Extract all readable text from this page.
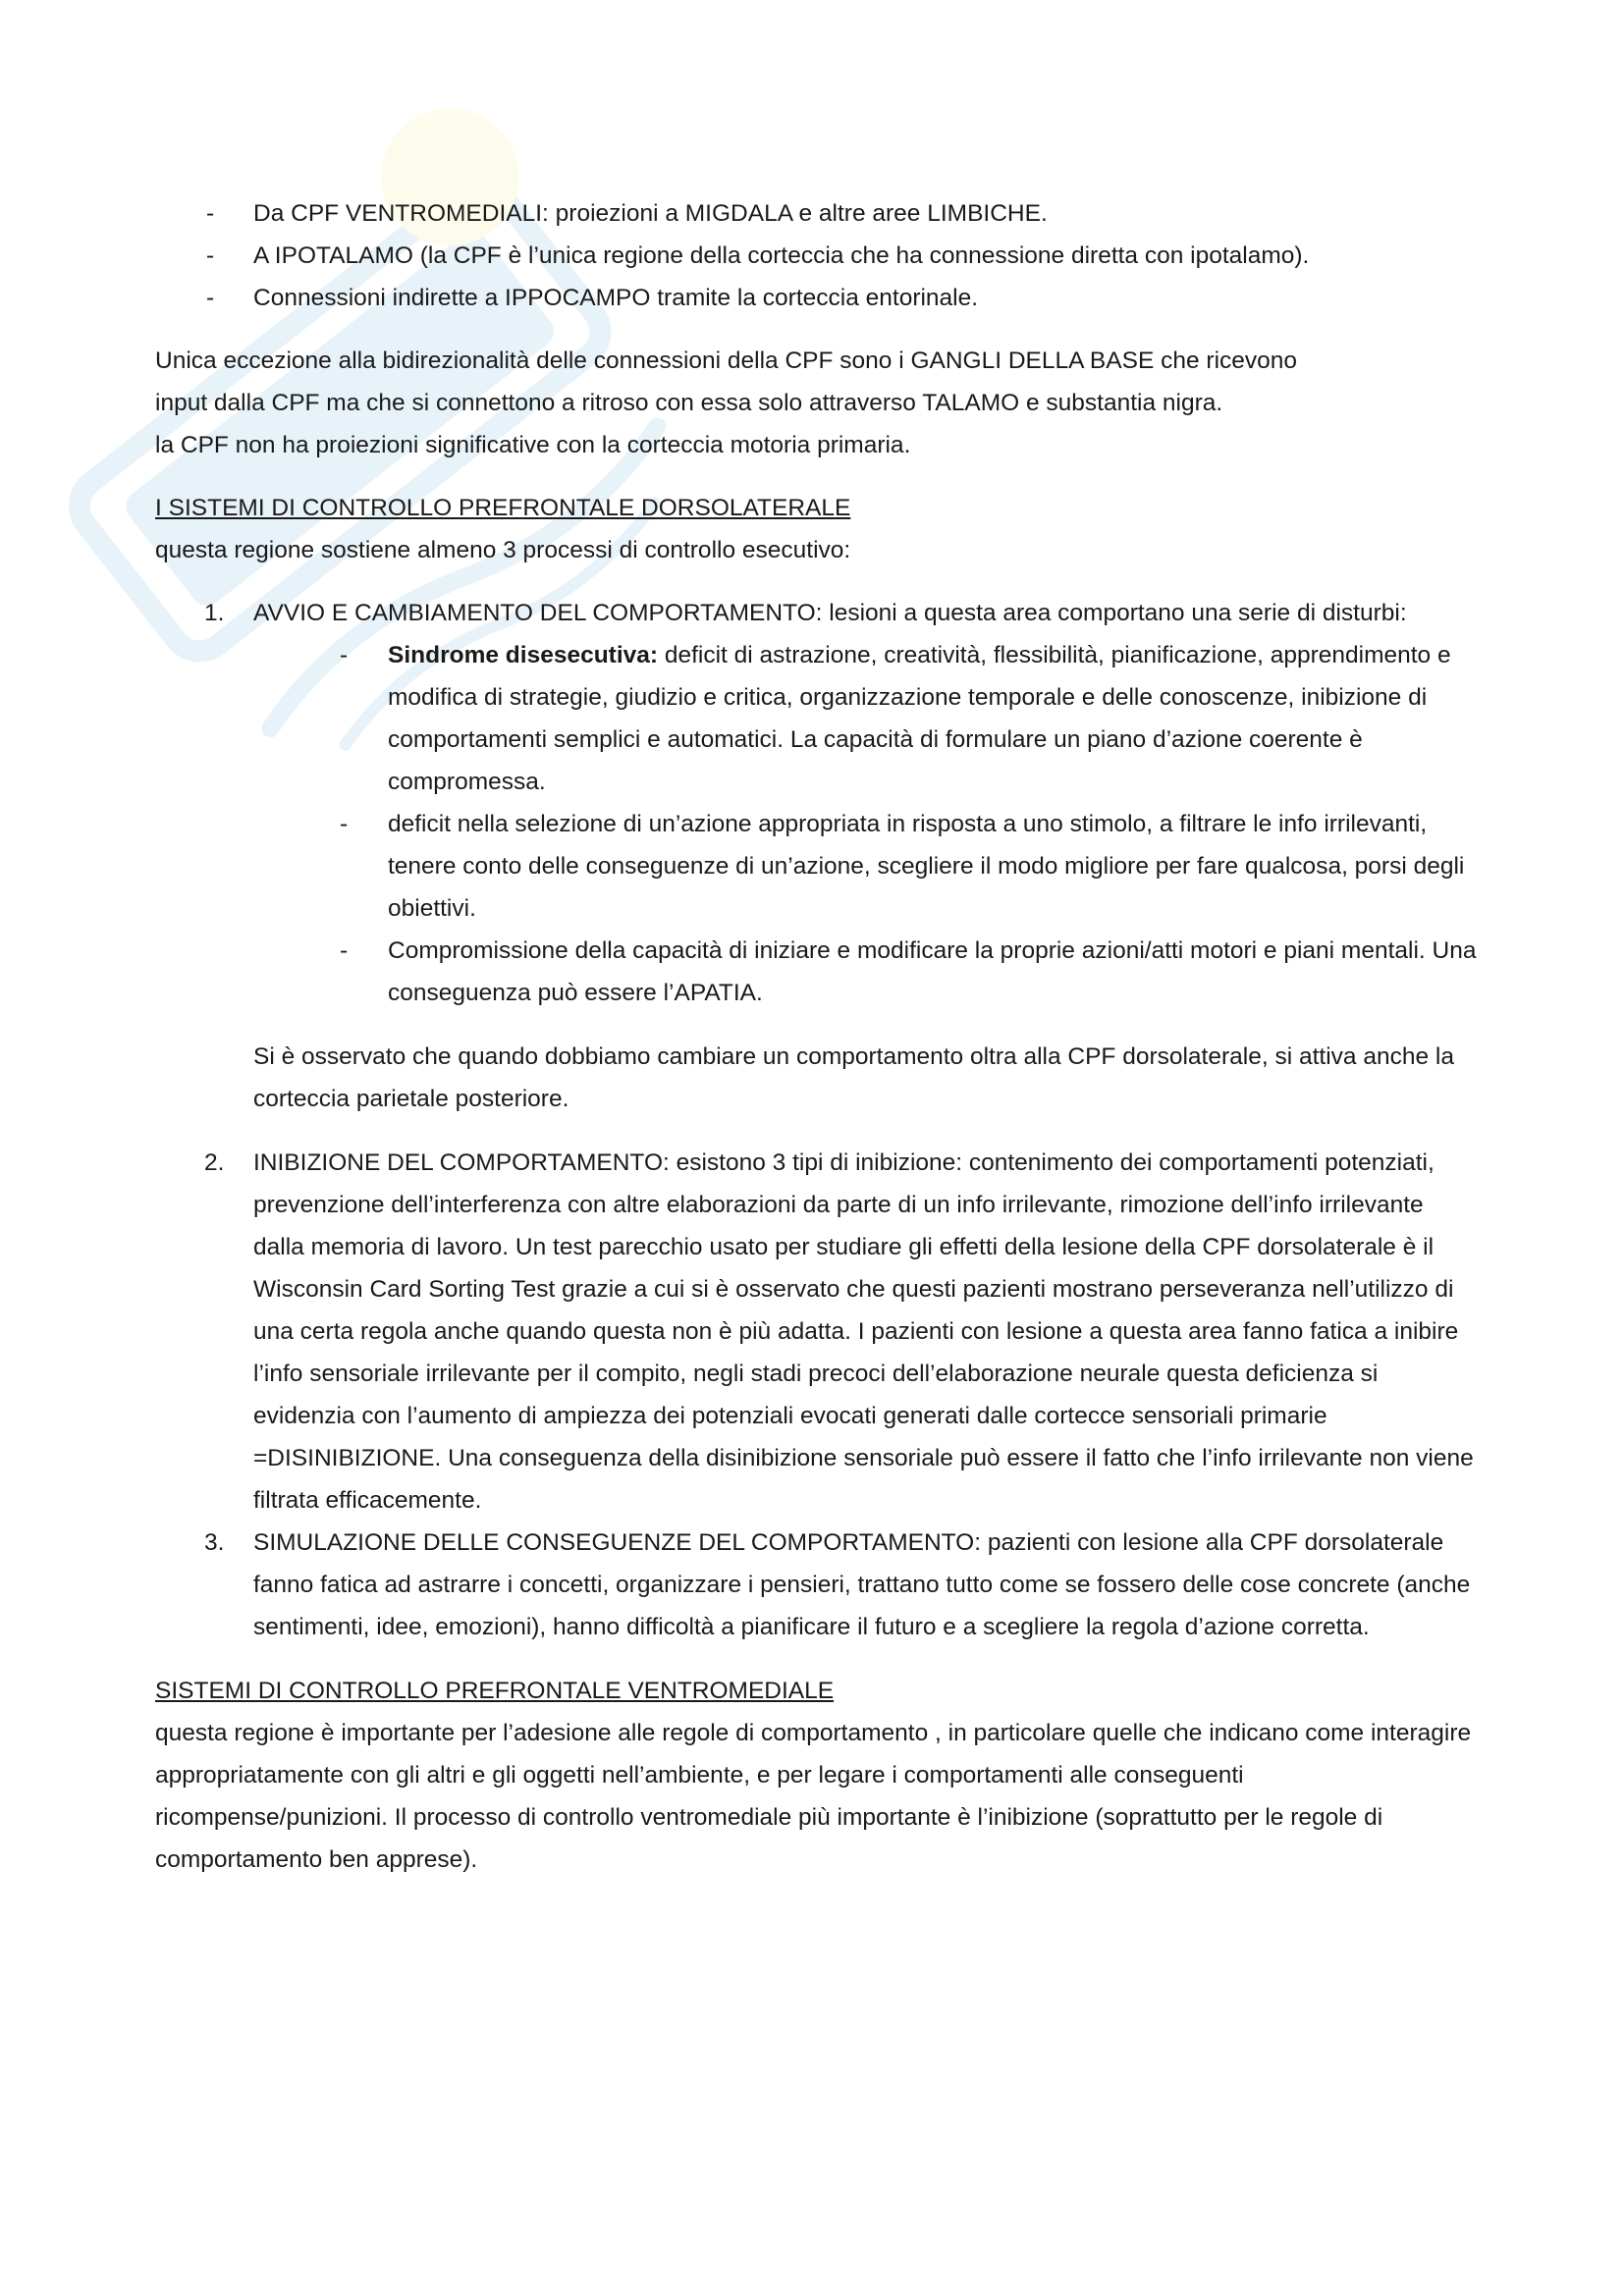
- Da CPF VENTROMEDIALI: proiezioni a MIGDALA e altre aree LIMBICHE.
- A IPOTALAMO (la CPF è l’unica regione della corteccia che ha connessione diretta con ipotalamo).
- Connessioni indirette a IPPOCAMPO tramite la corteccia entorinale.

Unica eccezione alla bidirezionalità delle connessioni della CPF sono i GANGLI DELLA BASE che ricevono
input dalla CPF ma che si connettono a ritroso con essa solo attraverso TALAMO e substantia nigra.
la CPF non ha proiezioni significative con la corteccia motoria primaria.

I SISTEMI DI CONTROLLO PREFRONTALE DORSOLATERALE

questa regione sostiene almeno 3 processi di controllo esecutivo:

1. AVVIO E CAMBIAMENTO DEL COMPORTAMENTO: lesioni a questa area comportano una serie di disturbi:
- Sindrome disesecutiva: deficit di astrazione, creatività, flessibilità, pianificazione, apprendimento e modifica di strategie, giudizio e critica, organizzazione temporale e delle conoscenze, inibizione di comportamenti semplici e automatici. La capacità di formulare un piano d’azione coerente è compromessa.
- deficit nella selezione di un’azione appropriata in risposta a uno stimolo, a filtrare le info irrilevanti, tenere conto delle conseguenze di un’azione, scegliere il modo migliore per fare qualcosa, porsi degli obiettivi.
- Compromissione della capacità di iniziare e modificare la proprie azioni/atti motori e piani mentali. Una conseguenza può essere l’APATIA.

Si è osservato che quando dobbiamo cambiare un comportamento oltra alla CPF dorsolaterale, si attiva anche la corteccia parietale posteriore.

2. INIBIZIONE DEL COMPORTAMENTO: esistono 3 tipi di inibizione: contenimento dei comportamenti potenziati, prevenzione dell’interferenza con altre elaborazioni da parte di un info irrilevante, rimozione dell’info irrilevante dalla memoria di lavoro. Un test parecchio usato per studiare gli effetti della lesione della CPF dorsolaterale è il Wisconsin Card Sorting Test grazie a cui si è osservato che questi pazienti mostrano perseveranza nell’utilizzo di una certa regola anche quando questa non è più adatta. I pazienti con lesione a questa area fanno fatica a inibire l’info sensoriale irrilevante per il compito, negli stadi precoci dell’elaborazione neurale questa deficienza si evidenzia con l’aumento di ampiezza dei potenziali evocati generati dalle cortecce sensoriali primarie =DISINIBIZIONE. Una conseguenza della disinibizione sensoriale può essere il fatto che l’info irrilevante non viene filtrata efficacemente.
3. SIMULAZIONE DELLE CONSEGUENZE DEL COMPORTAMENTO: pazienti con lesione alla CPF dorsolaterale fanno fatica ad astrarre i concetti, organizzare i pensieri, trattano tutto come se fossero delle cose concrete (anche sentimenti, idee, emozioni), hanno difficoltà a pianificare il futuro e a scegliere la regola d’azione corretta.

SISTEMI DI CONTROLLO PREFRONTALE VENTROMEDIALE

questa regione è importante per l’adesione alle regole di comportamento , in particolare quelle che indicano come interagire appropriatamente con gli altri e gli oggetti nell’ambiente, e per legare i comportamenti alle conseguenti ricompense/punizioni. Il processo di controllo ventromediale più importante è l’inibizione (soprattutto per le regole di comportamento ben apprese).
